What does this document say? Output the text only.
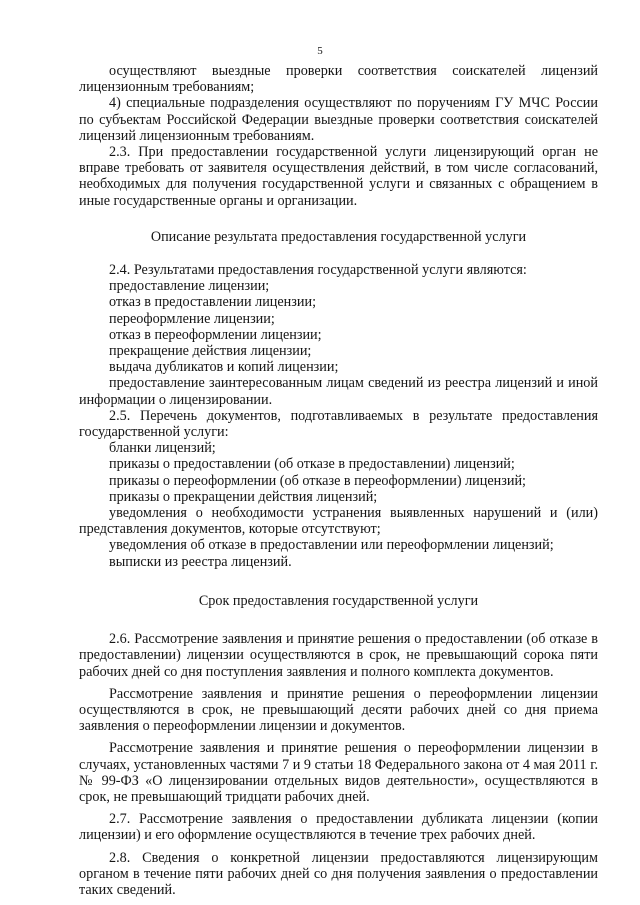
5

осуществляют выездные проверки соответствия соискателей лицензий лицензионным требованиям;

4) специальные подразделения осуществляют по поручениям ГУ МЧС России по субъектам Российской Федерации выездные проверки соответствия соискателей лицензий лицензионным требованиям.

2.3. При предоставлении государственной услуги лицензирующий орган не вправе требовать от заявителя осуществления действий, в том числе согласований, необходимых для получения государственной услуги и связанных с обращением в иные государственные органы и организации.

Описание результата предоставления государственной услуги

2.4. Результатами предоставления государственной услуги являются:

предоставление лицензии;

отказ в предоставлении лицензии;

переоформление лицензии;

отказ в переоформлении лицензии;

прекращение действия лицензии;

выдача дубликатов и копий лицензии;

предоставление заинтересованным лицам сведений из реестра лицензий и иной информации о лицензировании.

2.5. Перечень документов, подготавливаемых в результате предоставления государственной услуги:

бланки лицензий;

приказы о предоставлении (об отказе в предоставлении) лицензий;

приказы о переоформлении (об отказе в переоформлении) лицензий;

приказы о прекращении действия лицензий;

уведомления о необходимости устранения выявленных нарушений и (или) представления документов, которые отсутствуют;

уведомления об отказе в предоставлении или переоформлении лицензий;

выписки из реестра лицензий.

Срок предоставления государственной услуги

2.6. Рассмотрение заявления и принятие решения о предоставлении (об отказе в предоставлении) лицензии осуществляются в срок, не превышающий сорока пяти рабочих дней со дня поступления заявления и полного комплекта документов.

Рассмотрение заявления и принятие решения о переоформлении лицензии осуществляются в срок, не превышающий десяти рабочих дней со дня приема заявления о переоформлении лицензии и документов.

Рассмотрение заявления и принятие решения о переоформлении лицензии в случаях, установленных частями 7 и 9 статьи 18 Федерального закона от 4 мая 2011 г. № 99-ФЗ «О лицензировании отдельных видов деятельности», осуществляются в срок, не превышающий тридцати рабочих дней.

2.7. Рассмотрение заявления о предоставлении дубликата лицензии (копии лицензии) и его оформление осуществляются в течение трех рабочих дней.

2.8. Сведения о конкретной лицензии предоставляются лицензирующим органом в течение пяти рабочих дней со дня получения заявления о предоставлении таких сведений.
